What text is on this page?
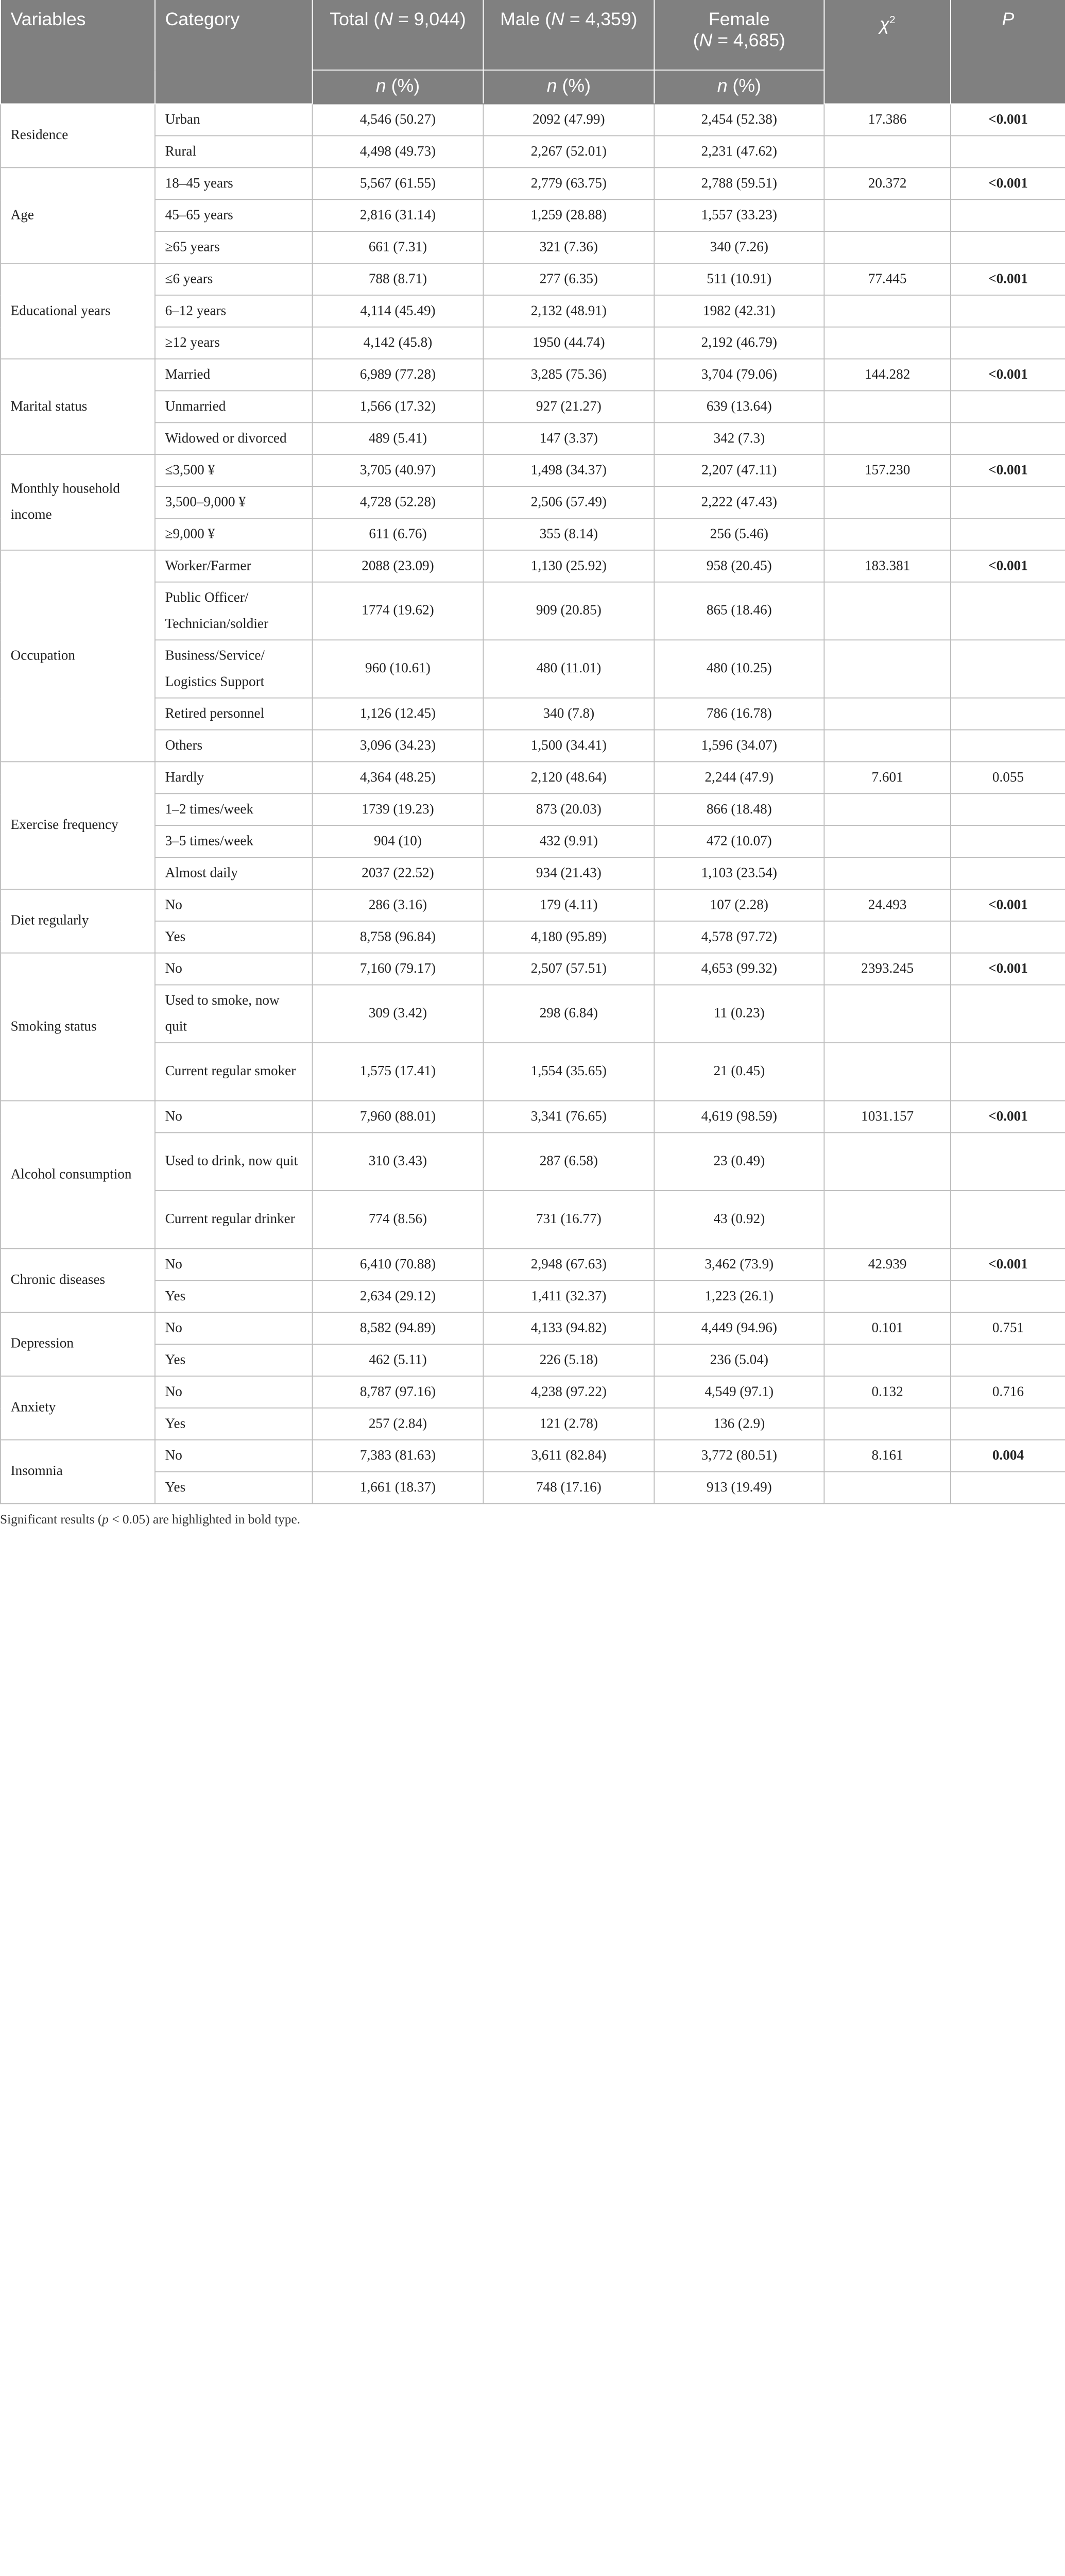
Variables	Category	Total (N = 9,044)	Male (N = 4,359)	Female
(N = 4,685)	$\chi^2$	P
		n (%)	n (%)	n (%)		
Residence	Urban	4,546 (50.27)	2092 (47.99)	2,454 (52.38)	17.386	<0.001
	Rural	4,498 (49.73)	2,267 (52.01)	2,231 (47.62)		
Age	18–45 years	5,567 (61.55)	2,779 (63.75)	2,788 (59.51)	20.372	<0.001
	45–65 years	2,816 (31.14)	1,259 (28.88)	1,557 (33.23)		
	≥65 years	661 (7.31)	321 (7.36)	340 (7.26)		
Educational years	≤6 years	788 (8.71)	277 (6.35)	511 (10.91)	77.445	<0.001
	6–12 years	4,114 (45.49)	2,132 (48.91)	1982 (42.31)		
	≥12 years	4,142 (45.8)	1950 (44.74)	2,192 (46.79)		
Marital status	Married	6,989 (77.28)	3,285 (75.36)	3,704 (79.06)	144.282	<0.001
	Unmarried	1,566 (17.32)	927 (21.27)	639 (13.64)		
	Widowed or divorced	489 (5.41)	147 (3.37)	342 (7.3)		
Monthly household income	≤3,500 ¥	3,705 (40.97)	1,498 (34.37)	2,207 (47.11)	157.230	<0.001
	3,500–9,000 ¥	4,728 (52.28)	2,506 (57.49)	2,222 (47.43)		
	≥9,000 ¥	611 (6.76)	355 (8.14)	256 (5.46)		
Occupation	Worker/Farmer	2088 (23.09)	1,130 (25.92)	958 (20.45)	183.381	<0.001
	Public Officer/ Technician/soldier	1774 (19.62)	909 (20.85)	865 (18.46)		
	Business/Service/ Logistics Support	960 (10.61)	480 (11.01)	480 (10.25)		
	Retired personnel	1,126 (12.45)	340 (7.8)	786 (16.78)		
	Others	3,096 (34.23)	1,500 (34.41)	1,596 (34.07)		
Exercise frequency	Hardly	4,364 (48.25)	2,120 (48.64)	2,244 (47.9)	7.601	0.055
	1–2 times/week	1739 (19.23)	873 (20.03)	866 (18.48)		
	3–5 times/week	904 (10)	432 (9.91)	472 (10.07)		
	Almost daily	2037 (22.52)	934 (21.43)	1,103 (23.54)		
Diet regularly	No	286 (3.16)	179 (4.11)	107 (2.28)	24.493	<0.001
	Yes	8,758 (96.84)	4,180 (95.89)	4,578 (97.72)		
Smoking status	No	7,160 (79.17)	2,507 (57.51)	4,653 (99.32)	2393.245	<0.001
	Used to smoke, now quit	309 (3.42)	298 (6.84)	11 (0.23)		
	Current regular smoker	1,575 (17.41)	1,554 (35.65)	21 (0.45)		
Alcohol consumption	No	7,960 (88.01)	3,341 (76.65)	4,619 (98.59)	1031.157	<0.001
	Used to drink, now quit	310 (3.43)	287 (6.58)	23 (0.49)		
	Current regular drinker	774 (8.56)	731 (16.77)	43 (0.92)		
Chronic diseases	No	6,410 (70.88)	2,948 (67.63)	3,462 (73.9)	42.939	<0.001
	Yes	2,634 (29.12)	1,411 (32.37)	1,223 (26.1)		
Depression	No	8,582 (94.89)	4,133 (94.82)	4,449 (94.96)	0.101	0.751
	Yes	462 (5.11)	226 (5.18)	236 (5.04)		
Anxiety	No	8,787 (97.16)	4,238 (97.22)	4,549 (97.1)	0.132	0.716
	Yes	257 (2.84)	121 (2.78)	136 (2.9)		
Insomnia	No	7,383 (81.63)	3,611 (82.84)	3,772 (80.51)	8.161	0.004
	Yes	1,661 (18.37)	748 (17.16)	913 (19.49)		
Significant results (p < 0.05) are highlighted in bold type.
